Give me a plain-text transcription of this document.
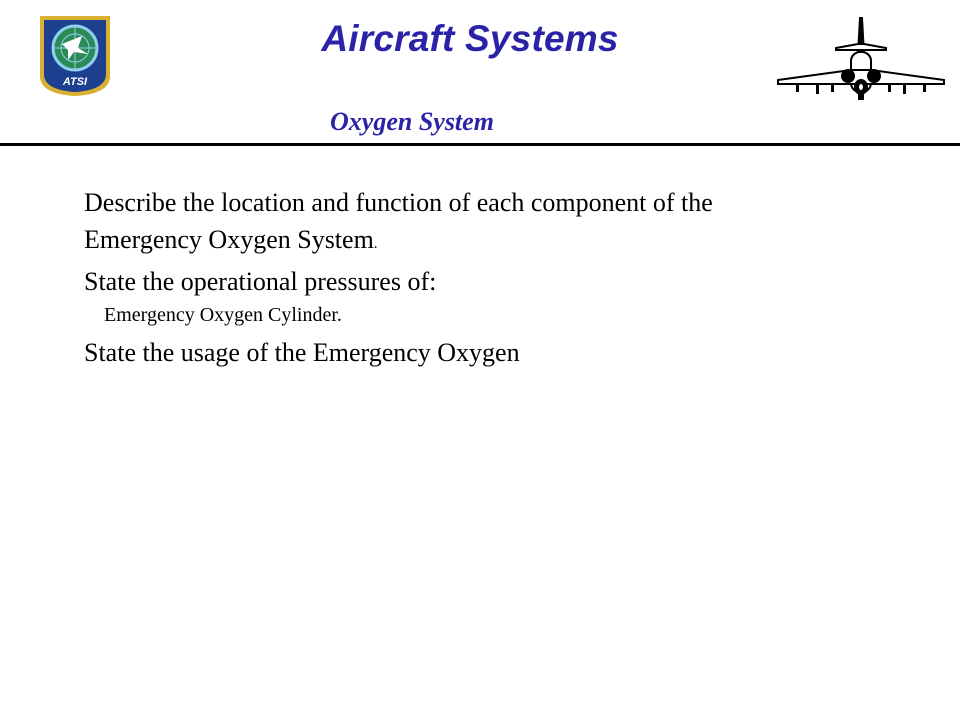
ATSI
Aircraft Systems
Oxygen System
Describe the location and function of each component of the
Emergency Oxygen System.
State the operational pressures of:
Emergency Oxygen Cylinder.
State the usage of the Emergency Oxygen
